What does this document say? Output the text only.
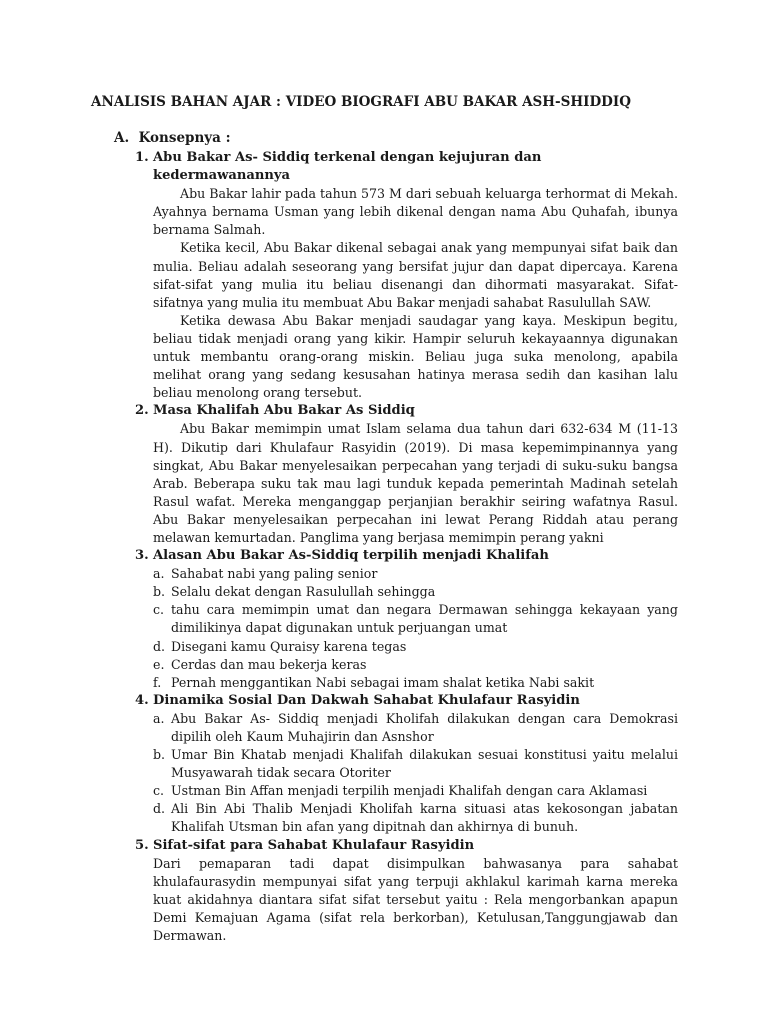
ANALISIS BAHAN AJAR : VIDEO BIOGRAFI ABU BAKAR ASH-SHIDDIQ
A. Konsepnya :
1. Abu Bakar As- Siddiq terkenal dengan kejujuran dan kedermawanannya

Abu Bakar lahir pada tahun 573 M dari sebuah keluarga terhormat di Mekah. Ayahnya bernama Usman yang lebih dikenal dengan nama Abu Quhafah, ibunya bernama Salmah.

Ketika kecil, Abu Bakar dikenal sebagai anak yang mempunyai sifat baik dan mulia. Beliau adalah seseorang yang bersifat jujur dan dapat dipercaya. Karena sifat-sifat yang mulia itu beliau disenangi dan dihormati masyarakat. Sifat-sifatnya yang mulia itu membuat Abu Bakar menjadi sahabat Rasulullah SAW.

Ketika dewasa Abu Bakar menjadi saudagar yang kaya. Meskipun begitu, beliau tidak menjadi orang yang kikir. Hampir seluruh kekayaannya digunakan untuk membantu orang-orang miskin. Beliau juga suka menolong, apabila melihat orang yang sedang kesusahan hatinya merasa sedih dan kasihan lalu beliau menolong orang tersebut.

2. Masa Khalifah Abu Bakar As Siddiq

Abu Bakar memimpin umat Islam selama dua tahun dari 632-634 M (11-13 H). Dikutip dari Khulafaur Rasyidin (2019). Di masa kepemimpinannya yang singkat, Abu Bakar menyelesaikan perpecahan yang terjadi di suku-suku bangsa Arab. Beberapa suku tak mau lagi tunduk kepada pemerintah Madinah setelah Rasul wafat. Mereka menganggap perjanjian berakhir seiring wafatnya Rasul. Abu Bakar menyelesaikan perpecahan ini lewat Perang Riddah atau perang melawan kemurtadan. Panglima yang berjasa memimpin perang yakni

3. Alasan Abu Bakar As-Siddiq terpilih menjadi Khalifah
a. Sahabat nabi yang paling senior
b. Selalu dekat dengan Rasulullah sehingga
c. tahu cara memimpin umat dan negara Dermawan sehingga kekayaan yang dimilikinya dapat digunakan untuk perjuangan umat
d. Disegani kamu Quraisy karena tegas
e. Cerdas dan mau bekerja keras
f. Pernah menggantikan Nabi sebagai imam shalat ketika Nabi sakit
4. Dinamika Sosial Dan Dakwah Sahabat Khulafaur Rasyidin
a. Abu Bakar As- Siddiq menjadi Kholifah dilakukan dengan cara Demokrasi dipilih oleh Kaum Muhajirin dan Asnshor
b. Umar Bin Khatab menjadi Khalifah dilakukan sesuai konstitusi yaitu melalui Musyawarah tidak secara Otoriter
c. Ustman Bin Affan menjadi terpilih menjadi Khalifah dengan cara Aklamasi
d. Ali Bin Abi Thalib Menjadi Kholifah karna situasi atas kekosongan jabatan Khalifah Utsman bin afan yang dipitnah dan akhirnya di bunuh.
5. Sifat-sifat para Sahabat Khulafaur Rasyidin

Dari pemaparan tadi dapat disimpulkan bahwasanya para sahabat khulafaurasydin mempunyai sifat yang terpuji akhlakul karimah karna mereka kuat akidahnya diantara sifat sifat tersebut yaitu : Rela mengorbankan apapun Demi Kemajuan Agama (sifat rela berkorban), Ketulusan,Tanggungjawab dan Dermawan.
